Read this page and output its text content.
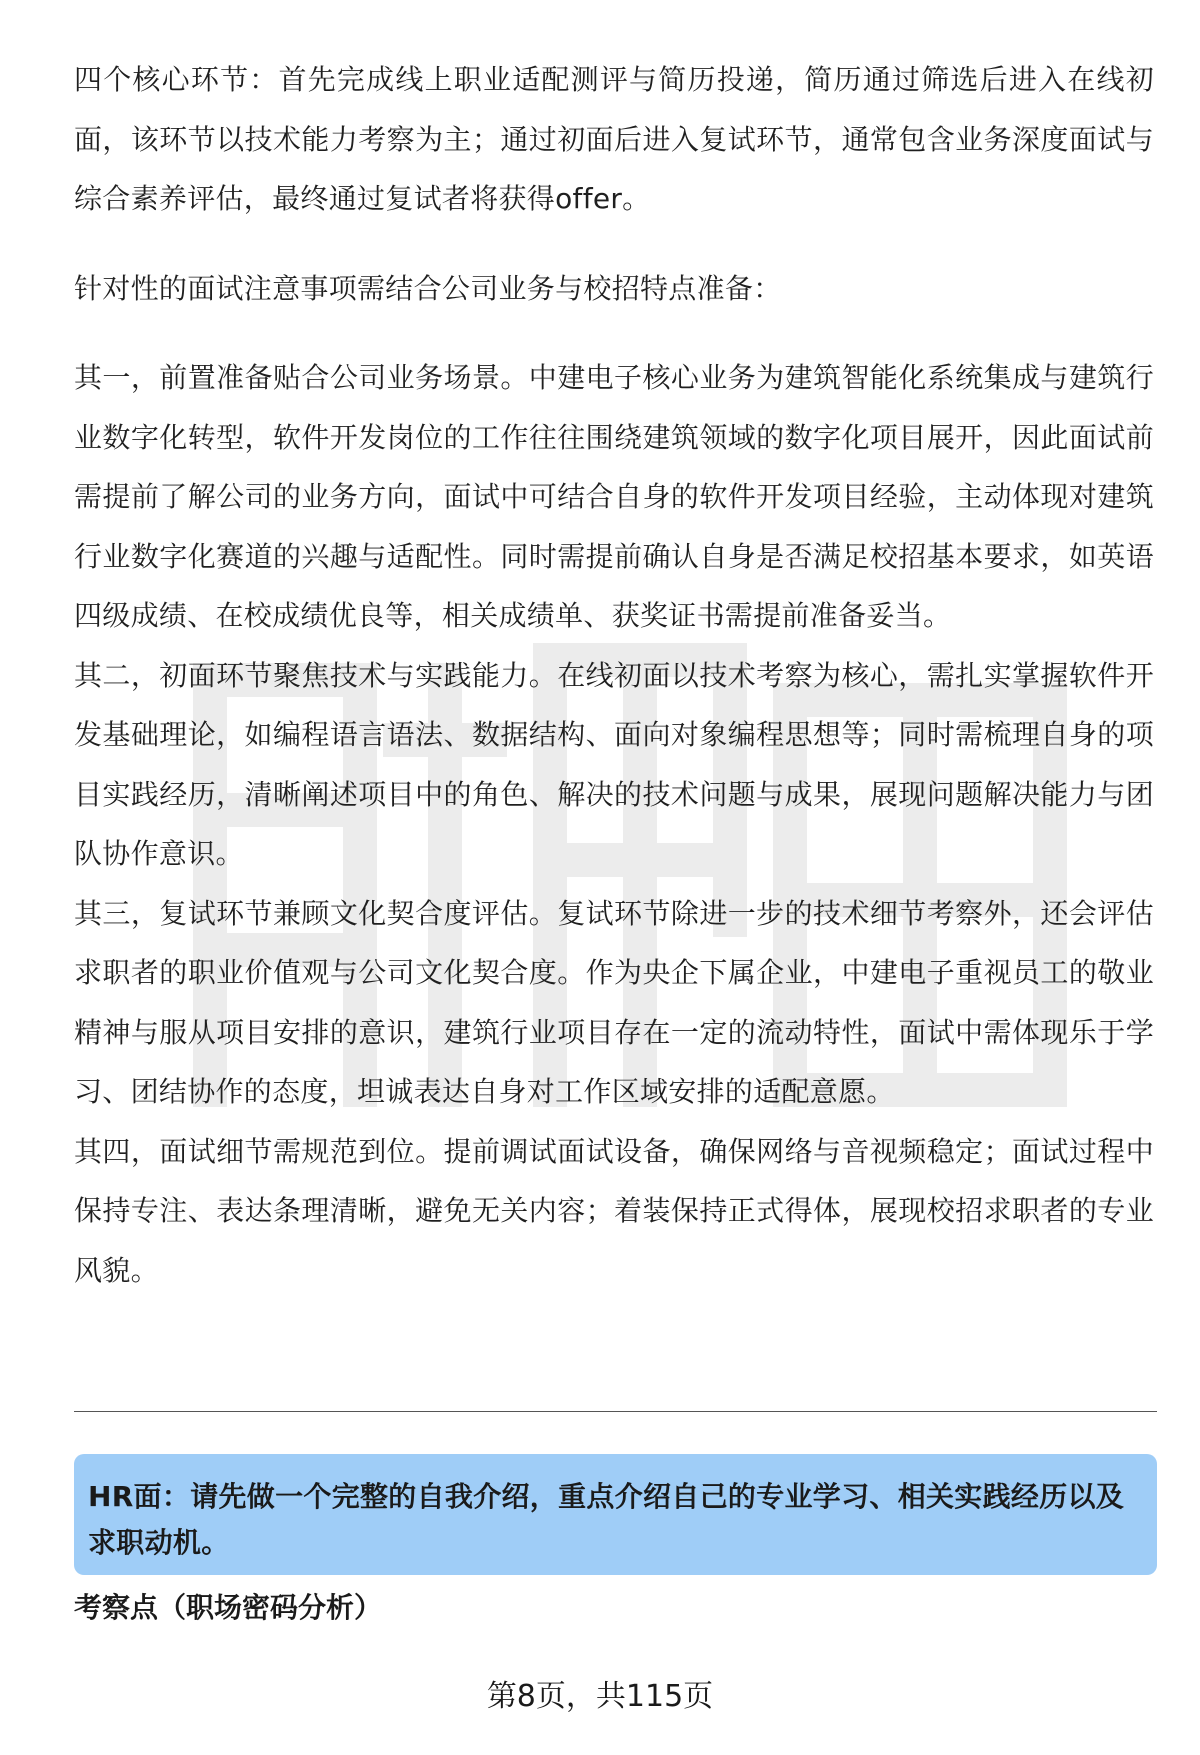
四个核心环节：首先完成线上职业适配测评与简历投递，简历通过筛选后进入在线初面，该环节以技术能力考察为主；通过初面后进入复试环节，通常包含业务深度面试与综合素养评估，最终通过复试者将获得offer。

针对性的面试注意事项需结合公司业务与校招特点准备：

其一，前置准备贴合公司业务场景。中建电子核心业务为建筑智能化系统集成与建筑行业数字化转型，软件开发岗位的工作往往围绕建筑领域的数字化项目展开，因此面试前需提前了解公司的业务方向，面试中可结合自身的软件开发项目经验，主动体现对建筑行业数字化赛道的兴趣与适配性。同时需提前确认自身是否满足校招基本要求，如英语四级成绩、在校成绩优良等，相关成绩单、获奖证书需提前准备妥当。

其二，初面环节聚焦技术与实践能力。在线初面以技术考察为核心，需扎实掌握软件开发基础理论，如编程语言语法、数据结构、面向对象编程思想等；同时需梳理自身的项目实践经历，清晰阐述项目中的角色、解决的技术问题与成果，展现问题解决能力与团队协作意识。

其三，复试环节兼顾文化契合度评估。复试环节除进一步的技术细节考察外，还会评估求职者的职业价值观与公司文化契合度。作为央企下属企业，中建电子重视员工的敬业精神与服从项目安排的意识，建筑行业项目存在一定的流动特性，面试中需体现乐于学习、团结协作的态度，坦诚表达自身对工作区域安排的适配意愿。

其四，面试细节需规范到位。提前调试面试设备，确保网络与音视频稳定；面试过程中保持专注、表达条理清晰，避免无关内容；着装保持正式得体，展现校招求职者的专业风貌。

HR面：请先做一个完整的自我介绍，重点介绍自己的专业学习、相关实践经历以及求职动机。
考察点（职场密码分析）
第8页，共115页
